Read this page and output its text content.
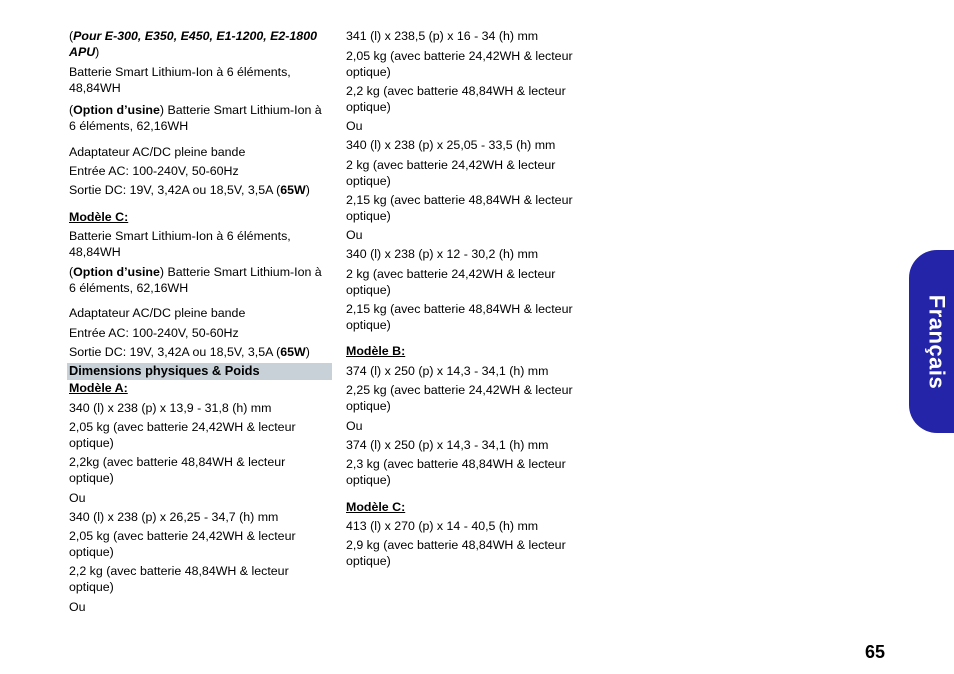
(Pour E-300, E350, E450, E1-1200, E2-1800 APU)

Batterie Smart Lithium-Ion à 6 éléments, 48,84WH

(Option d’usine) Batterie Smart Lithium-Ion à 6 éléments, 62,16WH

Adaptateur AC/DC pleine bande

Entrée AC: 100-240V, 50-60Hz

Sortie DC: 19V, 3,42A ou 18,5V, 3,5A (65W)

Modèle C:

Batterie Smart Lithium-Ion à 6 éléments, 48,84WH

(Option d’usine) Batterie Smart Lithium-Ion à 6 éléments, 62,16WH

Adaptateur AC/DC pleine bande

Entrée AC: 100-240V, 50-60Hz

Sortie DC: 19V, 3,42A ou 18,5V, 3,5A (65W)

Dimensions physiques & Poids

Modèle A:

340 (l) x 238 (p) x 13,9 - 31,8 (h) mm

2,05 kg (avec batterie 24,42WH & lecteur optique)

2,2kg (avec batterie 48,84WH & lecteur optique)

Ou

340 (l) x 238 (p) x 26,25 - 34,7 (h) mm

2,05 kg (avec batterie 24,42WH & lecteur optique)

2,2 kg (avec batterie 48,84WH & lecteur optique)

Ou

341 (l) x 238,5 (p) x 16 - 34 (h) mm

2,05 kg (avec batterie 24,42WH & lecteur optique)

2,2 kg (avec batterie 48,84WH & lecteur optique)

Ou

340 (l) x 238 (p) x 25,05 - 33,5 (h) mm

2 kg (avec batterie 24,42WH & lecteur optique)

2,15 kg (avec batterie 48,84WH & lecteur optique)

Ou

340 (l) x 238 (p) x 12 - 30,2 (h) mm

2 kg (avec batterie 24,42WH & lecteur optique)

2,15 kg (avec batterie 48,84WH & lecteur optique)

Modèle B:

374 (l) x 250 (p) x 14,3 - 34,1 (h) mm

2,25 kg (avec batterie 24,42WH & lecteur optique)

Ou

374 (l) x 250 (p) x 14,3 - 34,1 (h) mm

2,3 kg (avec batterie 48,84WH & lecteur optique)

Modèle C:

413 (l) x 270 (p) x 14 - 40,5 (h) mm

2,9 kg (avec batterie 48,84WH & lecteur optique)

Français
65
